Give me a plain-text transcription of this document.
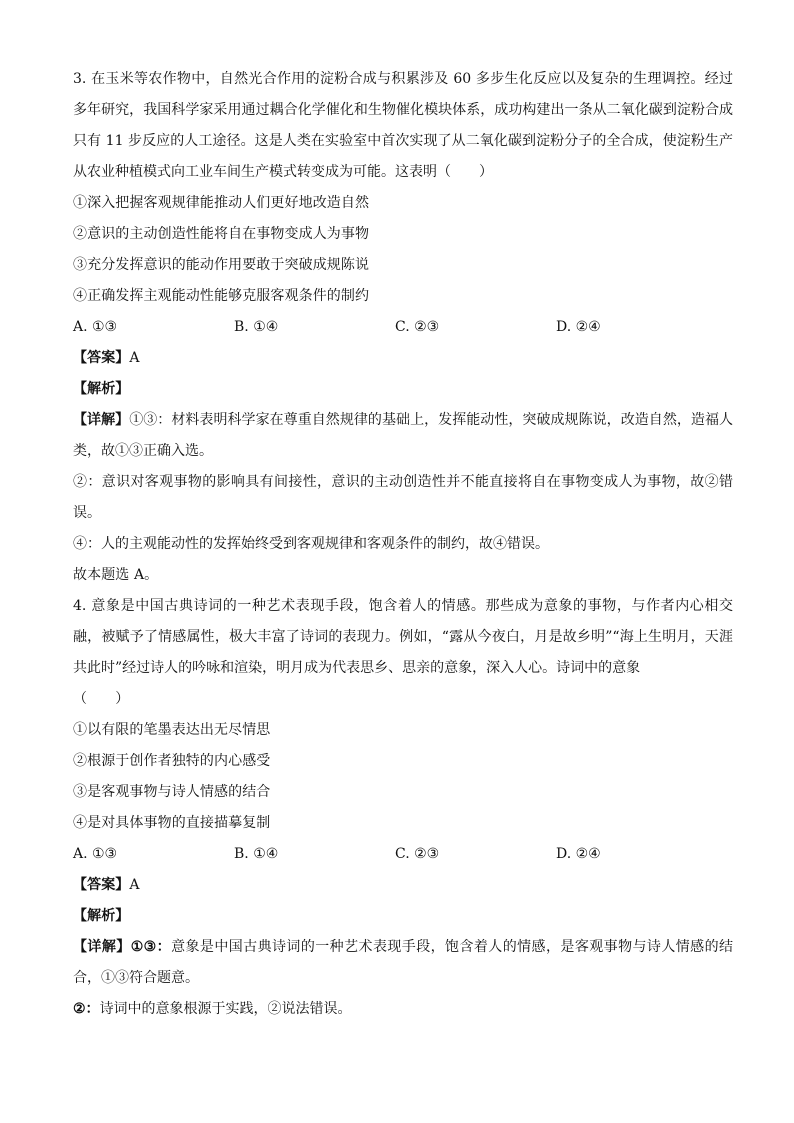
3. 在玉米等农作物中，自然光合作用的淀粉合成与积累涉及 60 多步生化反应以及复杂的生理调控。经过多年研究，我国科学家采用通过耦合化学催化和生物催化模块体系，成功构建出一条从二氧化碳到淀粉合成只有 11 步反应的人工途径。这是人类在实验室中首次实现了从二氧化碳到淀粉分子的全合成，使淀粉生产从农业种植模式向工业车间生产模式转变成为可能。这表明（　　）
①深入把握客观规律能推动人们更好地改造自然
②意识的主动创造性能将自在事物变成人为事物
③充分发挥意识的能动作用要敢于突破成规陈说
④正确发挥主观能动性能够克服客观条件的制约
A. ①③	B. ①④	C. ②③	D. ②④
【答案】A
【解析】
【详解】①③：材料表明科学家在尊重自然规律的基础上，发挥能动性，突破成规陈说，改造自然，造福人类，故①③正确入选。
②：意识对客观事物的影响具有间接性，意识的主动创造性并不能直接将自在事物变成人为事物，故②错误。
④：人的主观能动性的发挥始终受到客观规律和客观条件的制约，故④错误。
故本题选 A。
4. 意象是中国古典诗词的一种艺术表现手段，饱含着人的情感。那些成为意象的事物，与作者内心相交融，被赋予了情感属性，极大丰富了诗词的表现力。例如，“露从今夜白，月是故乡明”“海上生明月，天涯共此时”经过诗人的吟咏和渲染，明月成为代表思乡、思亲的意象，深入人心。诗词中的意象
（　　）
①以有限的笔墨表达出无尽情思
②根源于创作者独特的内心感受
③是客观事物与诗人情感的结合
④是对具体事物的直接描摹复制
A. ①③	B. ①④	C. ②③	D. ②④
【答案】A
【解析】
【详解】①③：意象是中国古典诗词的一种艺术表现手段，饱含着人的情感，是客观事物与诗人情感的结合，①③符合题意。
②：诗词中的意象根源于实践，②说法错误。
